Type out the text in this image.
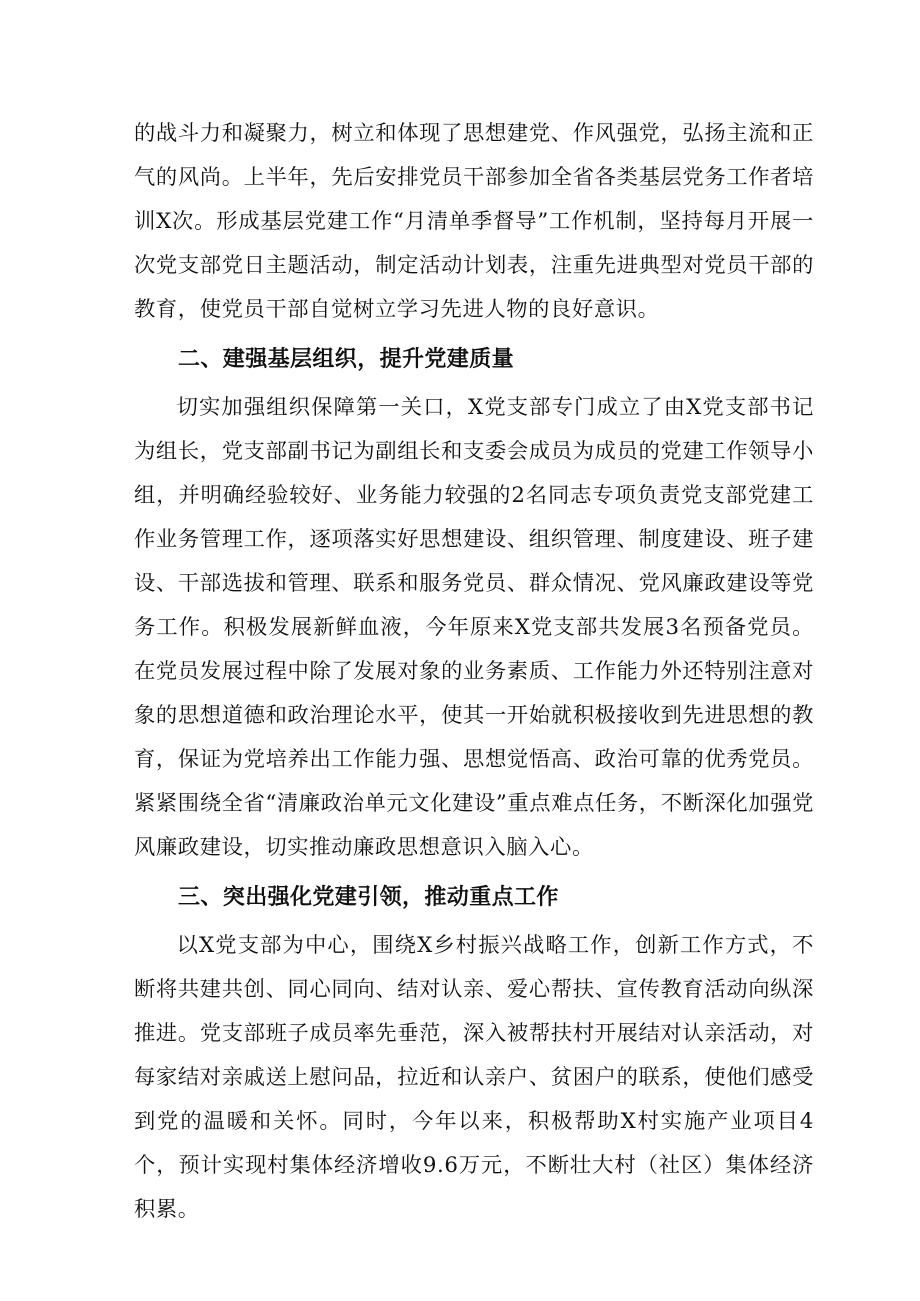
的战斗力和凝聚力，树立和体现了思想建党、作风强党，弘扬主流和正气的风尚。上半年，先后安排党员干部参加全省各类基层党务工作者培训X次。形成基层党建工作“月清单季督导”工作机制，坚持每月开展一次党支部党日主题活动，制定活动计划表，注重先进典型对党员干部的教育，使党员干部自觉树立学习先进人物的良好意识。

二、建强基层组织，提升党建质量

切实加强组织保障第一关口，X党支部专门成立了由X党支部书记为组长，党支部副书记为副组长和支委会成员为成员的党建工作领导小组，并明确经验较好、业务能力较强的2名同志专项负责党支部党建工作业务管理工作，逐项落实好思想建设、组织管理、制度建设、班子建设、干部选拔和管理、联系和服务党员、群众情况、党风廉政建设等党务工作。积极发展新鲜血液，今年原来X党支部共发展3名预备党员。在党员发展过程中除了发展对象的业务素质、工作能力外还特别注意对象的思想道德和政治理论水平，使其一开始就积极接收到先进思想的教育，保证为党培养出工作能力强、思想觉悟高、政治可靠的优秀党员。紧紧围绕全省“清廉政治单元文化建设”重点难点任务，不断深化加强党风廉政建设，切实推动廉政思想意识入脑入心。

三、突出强化党建引领，推动重点工作

以X党支部为中心，围绕X乡村振兴战略工作，创新工作方式，不断将共建共创、同心同向、结对认亲、爱心帮扶、宣传教育活动向纵深推进。党支部班子成员率先垂范，深入被帮扶村开展结对认亲活动，对每家结对亲戚送上慰问品，拉近和认亲户、贫困户的联系，使他们感受到党的温暖和关怀。同时，今年以来，积极帮助X村实施产业项目4个，预计实现村集体经济增收9.6万元，不断壮大村（社区）集体经济积累。
